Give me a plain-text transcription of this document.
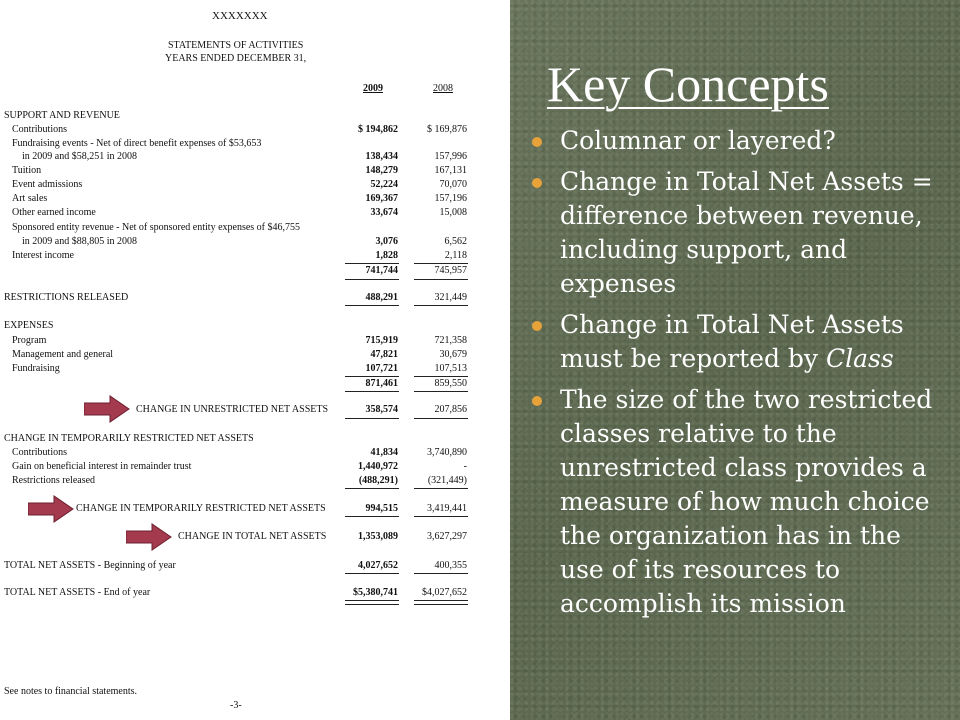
XXXXXXX
STATEMENTS OF ACTIVITIES
YEARS ENDED DECEMBER 31,
2009	2008
SUPPORT AND REVENUE
Contributions	$ 194,862	$ 169,876
Fundraising events - Net of direct benefit expenses of $53,653
in 2009 and $58,251 in 2008	138,434	157,996
Tuition	148,279	167,131
Event admissions	52,224	70,070
Art sales	169,367	157,196
Other earned income	33,674	15,008
Sponsored entity revenue - Net of sponsored entity expenses of $46,755
in 2009 and $88,805 in 2008	3,076	6,562
Interest income	1,828	2,118
741,744	745,957
RESTRICTIONS RELEASED	488,291	321,449
EXPENSES
Program	715,919	721,358
Management and general	47,821	30,679
Fundraising	107,721	107,513
871,461	859,550
CHANGE IN UNRESTRICTED NET ASSETS	358,574	207,856
CHANGE IN TEMPORARILY RESTRICTED NET ASSETS
Contributions	41,834	3,740,890
Gain on beneficial interest in remainder trust	1,440,972	-
Restrictions released	(488,291)	(321,449)
CHANGE IN TEMPORARILY RESTRICTED NET ASSETS	994,515	3,419,441
CHANGE IN TOTAL NET ASSETS	1,353,089	3,627,297
TOTAL NET ASSETS - Beginning of year	4,027,652	400,355
TOTAL NET ASSETS - End of year	$5,380,741 $4,027,652
See notes to financial statements.
-3-
Key Concepts
Columnar or layered?
Change in Total Net Assets = difference between revenue, including support, and expenses
Change in Total Net Assets must be reported by Class
The size of the two restricted classes relative to the unrestricted class provides a measure of how much choice the organization has in the use of its resources to accomplish its mission
